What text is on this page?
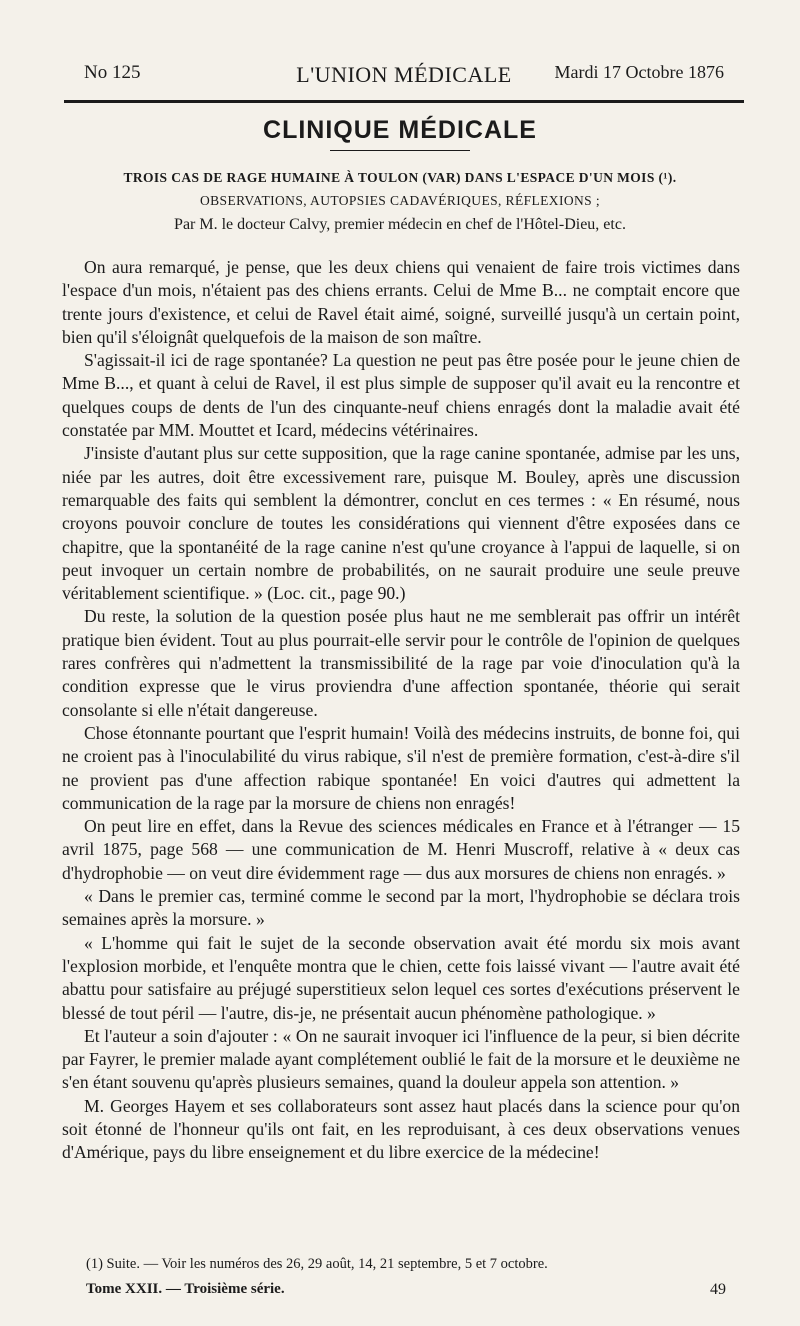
No 125	L'UNION MÉDICALE	Mardi 17 Octobre 1876
CLINIQUE MÉDICALE
TROIS CAS DE RAGE HUMAINE À TOULON (VAR) DANS L'ESPACE D'UN MOIS (¹).
OBSERVATIONS, AUTOPSIES CADAVÉRIQUES, RÉFLEXIONS ;
Par M. le docteur Calvy, premier médecin en chef de l'Hôtel-Dieu, etc.

On aura remarqué, je pense, que les deux chiens qui venaient de faire trois victimes dans l'espace d'un mois, n'étaient pas des chiens errants. Celui de Mme B... ne comptait encore que trente jours d'existence, et celui de Ravel était aimé, soigné, surveillé jusqu'à un certain point, bien qu'il s'éloignât quelquefois de la maison de son maître.

S'agissait-il ici de rage spontanée? La question ne peut pas être posée pour le jeune chien de Mme B..., et quant à celui de Ravel, il est plus simple de supposer qu'il avait eu la rencontre et quelques coups de dents de l'un des cinquante-neuf chiens enragés dont la maladie avait été constatée par MM. Mouttet et Icard, médecins vétérinaires.

J'insiste d'autant plus sur cette supposition, que la rage canine spontanée, admise par les uns, niée par les autres, doit être excessivement rare, puisque M. Bouley, après une discussion remarquable des faits qui semblent la démontrer, conclut en ces termes : « En résumé, nous croyons pouvoir conclure de toutes les considérations qui viennent d'être exposées dans ce chapitre, que la spontanéité de la rage canine n'est qu'une croyance à l'appui de laquelle, si on peut invoquer un certain nombre de probabilités, on ne saurait produire une seule preuve véritablement scientifique. » (Loc. cit., page 90.)

Du reste, la solution de la question posée plus haut ne me semblerait pas offrir un intérêt pratique bien évident. Tout au plus pourrait-elle servir pour le contrôle de l'opinion de quelques rares confrères qui n'admettent la transmissibilité de la rage par voie d'inoculation qu'à la condition expresse que le virus proviendra d'une affection spontanée, théorie qui serait consolante si elle n'était dangereuse.

Chose étonnante pourtant que l'esprit humain! Voilà des médecins instruits, de bonne foi, qui ne croient pas à l'inoculabilité du virus rabique, s'il n'est de première formation, c'est-à-dire s'il ne provient pas d'une affection rabique spontanée! En voici d'autres qui admettent la communication de la rage par la morsure de chiens non enragés!

On peut lire en effet, dans la Revue des sciences médicales en France et à l'étranger — 15 avril 1875, page 568 — une communication de M. Henri Muscroff, relative à « deux cas d'hydrophobie — on veut dire évidemment rage — dus aux morsures de chiens non enragés. »

« Dans le premier cas, terminé comme le second par la mort, l'hydrophobie se déclara trois semaines après la morsure. »

« L'homme qui fait le sujet de la seconde observation avait été mordu six mois avant l'explosion morbide, et l'enquête montra que le chien, cette fois laissé vivant — l'autre avait été abattu pour satisfaire au préjugé superstitieux selon lequel ces sortes d'exécutions préservent le blessé de tout péril — l'autre, dis-je, ne présentait aucun phénomène pathologique. »

Et l'auteur a soin d'ajouter : « On ne saurait invoquer ici l'influence de la peur, si bien décrite par Fayrer, le premier malade ayant complétement oublié le fait de la morsure et le deuxième ne s'en étant souvenu qu'après plusieurs semaines, quand la douleur appela son attention. »

M. Georges Hayem et ses collaborateurs sont assez haut placés dans la science pour qu'on soit étonné de l'honneur qu'ils ont fait, en les reproduisant, à ces deux observations venues d'Amérique, pays du libre enseignement et du libre exercice de la médecine!

(1) Suite. — Voir les numéros des 26, 29 août, 14, 21 septembre, 5 et 7 octobre.
Tome XXII. — Troisième série.	49
